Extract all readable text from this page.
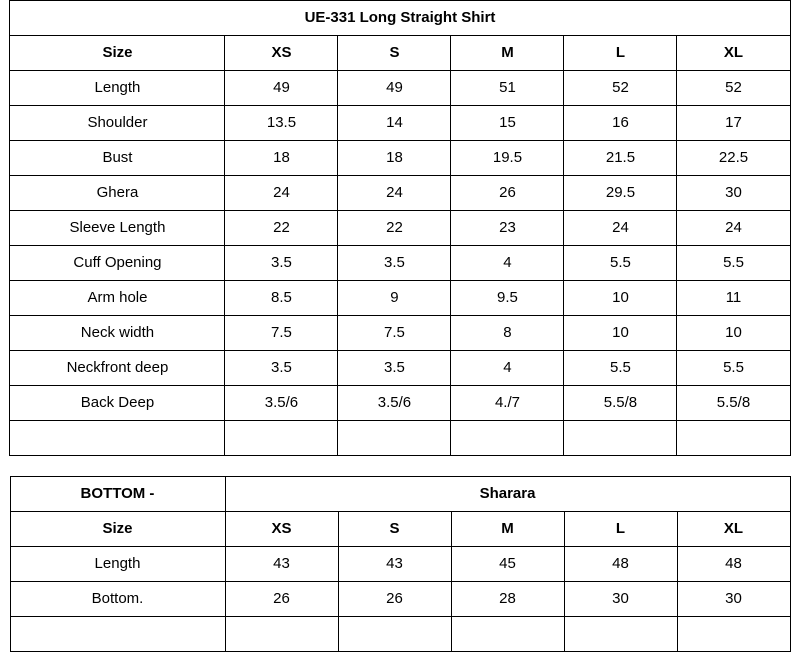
UE-331 Long Straight Shirt					
Size	XS	S	M	L	XL
Length	49	49	51	52	52
Shoulder	13.5	14	15	16	17
Bust	18	18	19.5	21.5	22.5
Ghera	24	24	26	29.5	30
Sleeve Length	22	22	23	24	24
Cuff Opening	3.5	3.5	4	5.5	5.5
Arm hole	8.5	9	9.5	10	11
Neck width	7.5	7.5	8	10	10
Neckfront deep	3.5	3.5	4	5.5	5.5
Back Deep	3.5/6	3.5/6	4./7	5.5/8	5.5/8

BOTTOM -	Sharara				
Size	XS	S	M	L	XL
Length	43	43	45	48	48
Bottom.	26	26	28	30	30
